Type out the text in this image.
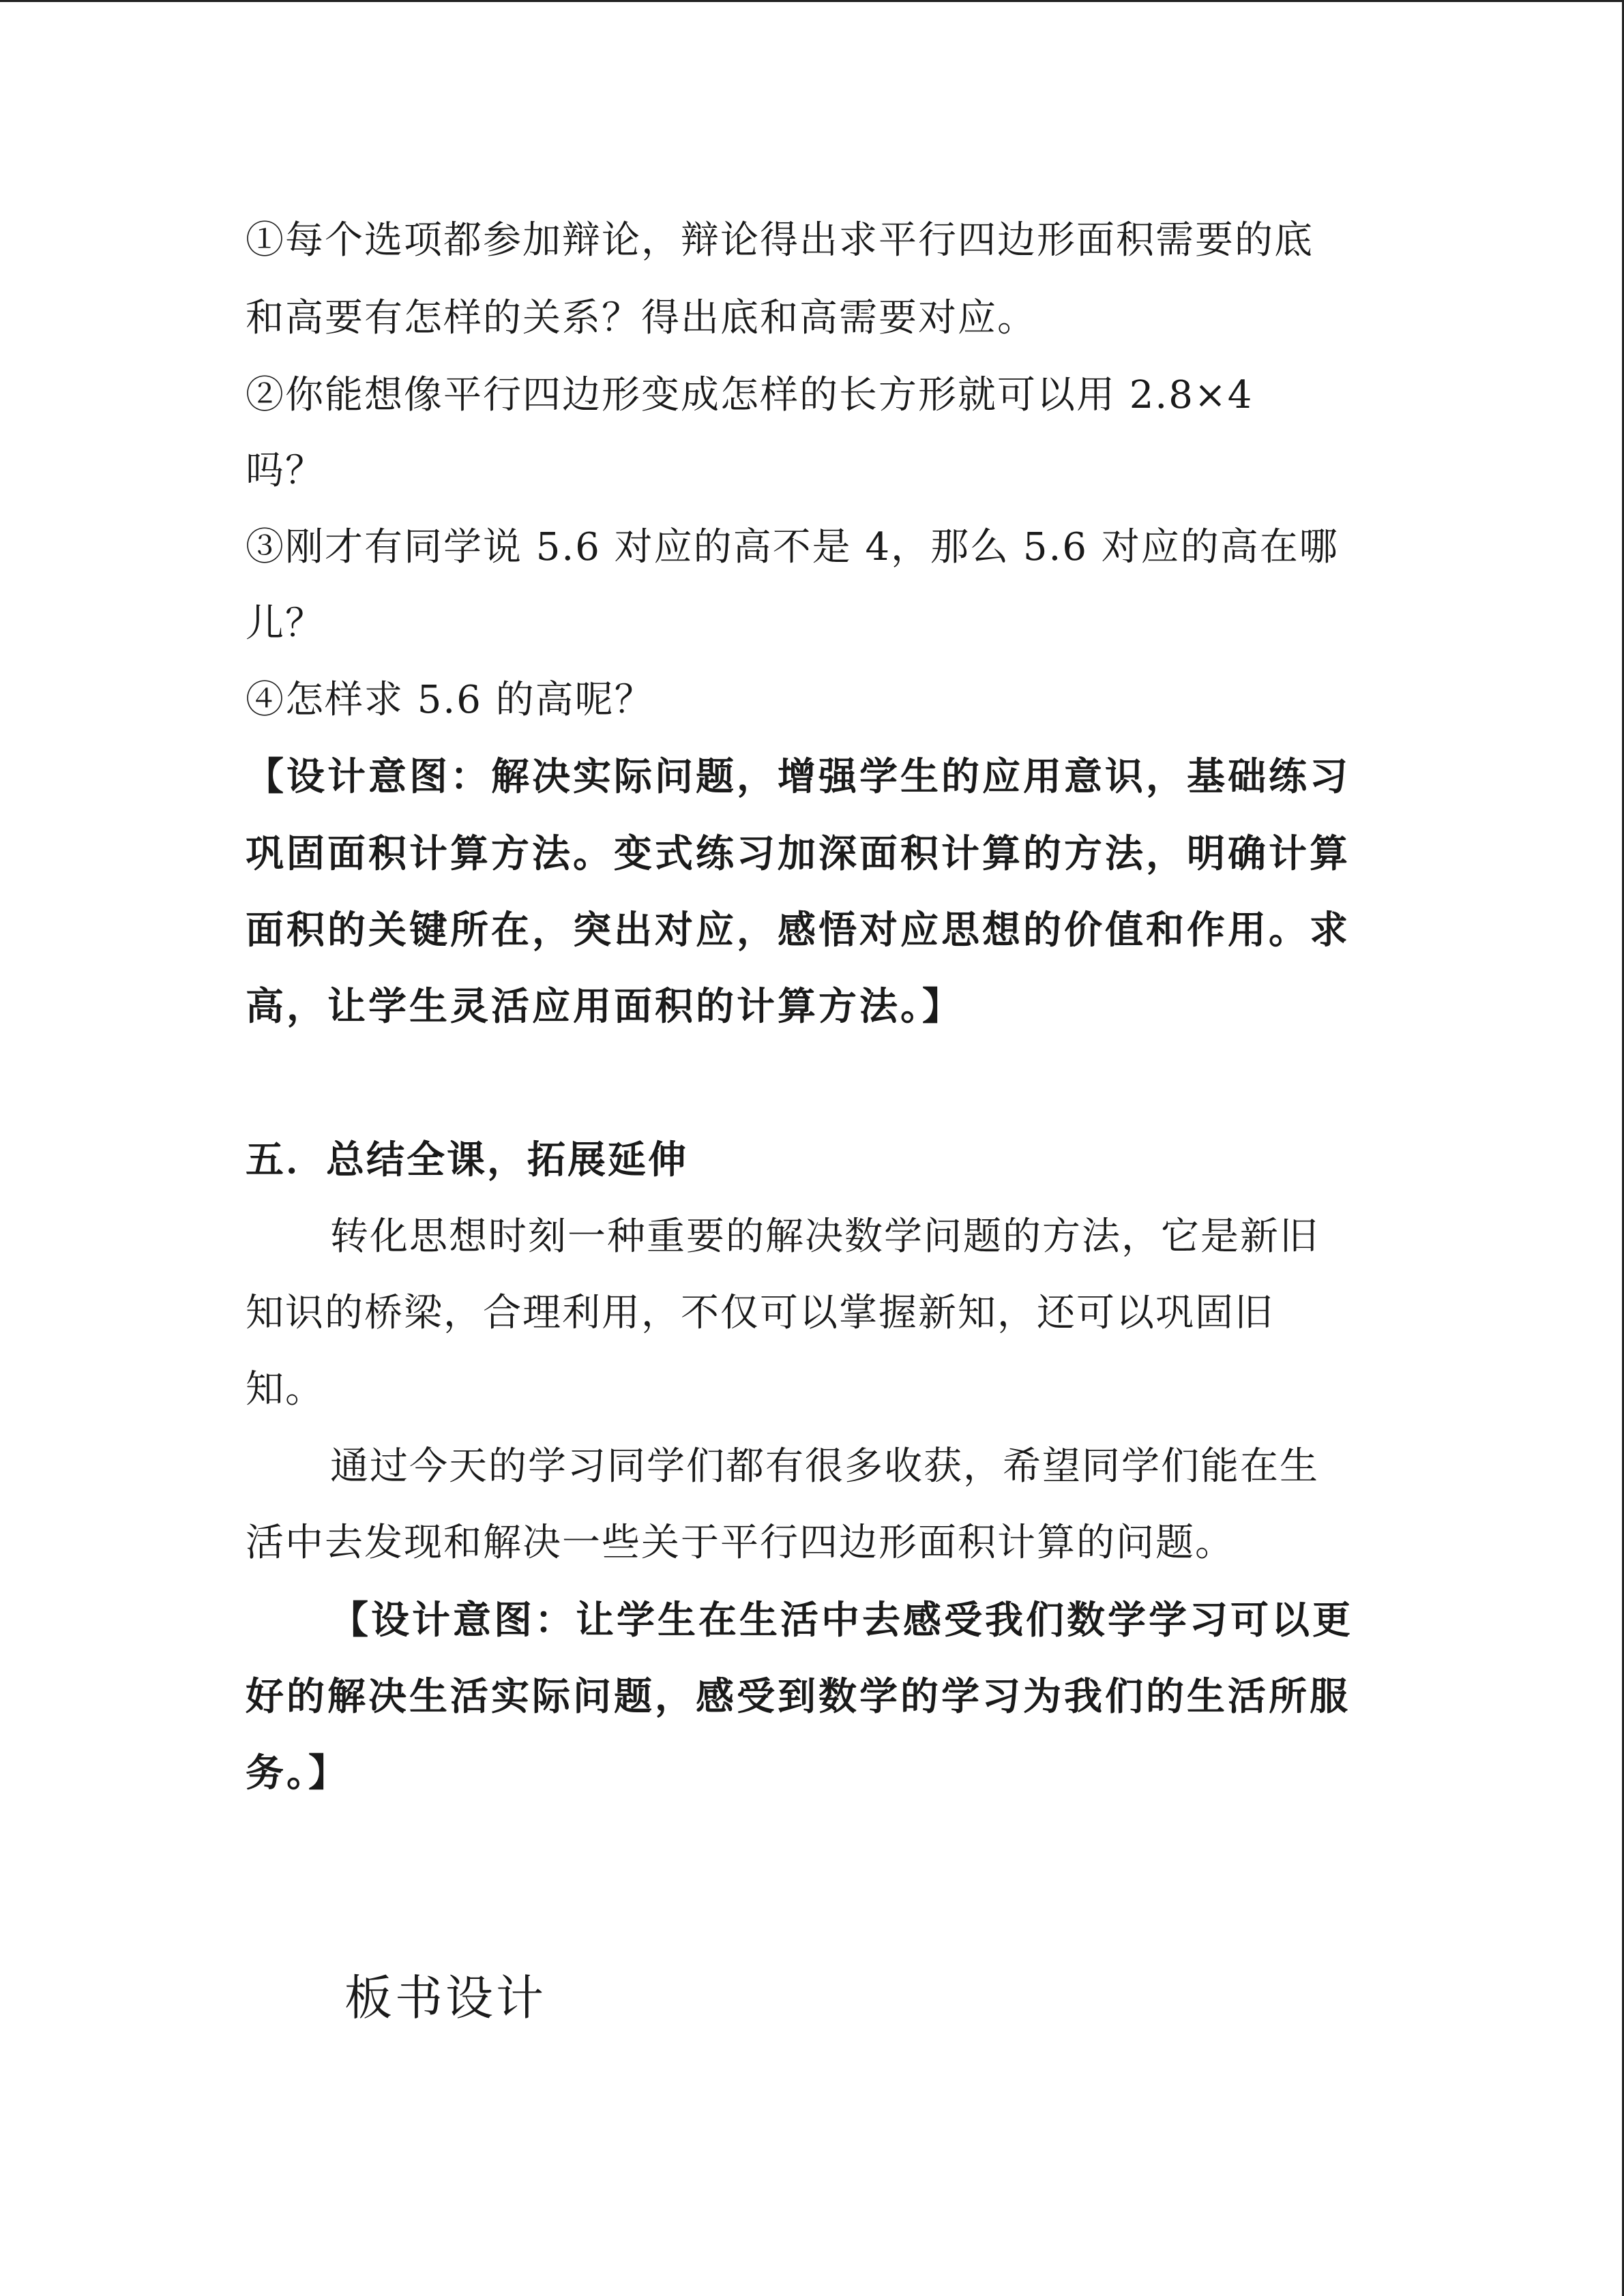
①每个选项都参加辩论，辩论得出求平行四边形面积需要的底
和高要有怎样的关系？得出底和高需要对应。
②你能想像平行四边形变成怎样的长方形就可以用 2.8×4
吗？
③刚才有同学说 5.6 对应的高不是 4，那么 5.6 对应的高在哪
儿？
④怎样求 5.6 的高呢？
【设计意图：解决实际问题，增强学生的应用意识，基础练习
巩固面积计算方法。变式练习加深面积计算的方法，明确计算
面积的关键所在，突出对应，感悟对应思想的价值和作用。求
高，让学生灵活应用面积的计算方法。】
五．总结全课，拓展延伸
转化思想时刻一种重要的解决数学问题的方法，它是新旧
知识的桥梁，合理利用，不仅可以掌握新知，还可以巩固旧
知。
通过今天的学习同学们都有很多收获，希望同学们能在生
活中去发现和解决一些关于平行四边形面积计算的问题。
【设计意图：让学生在生活中去感受我们数学学习可以更
好的解决生活实际问题，感受到数学的学习为我们的生活所服
务。】
板书设计
